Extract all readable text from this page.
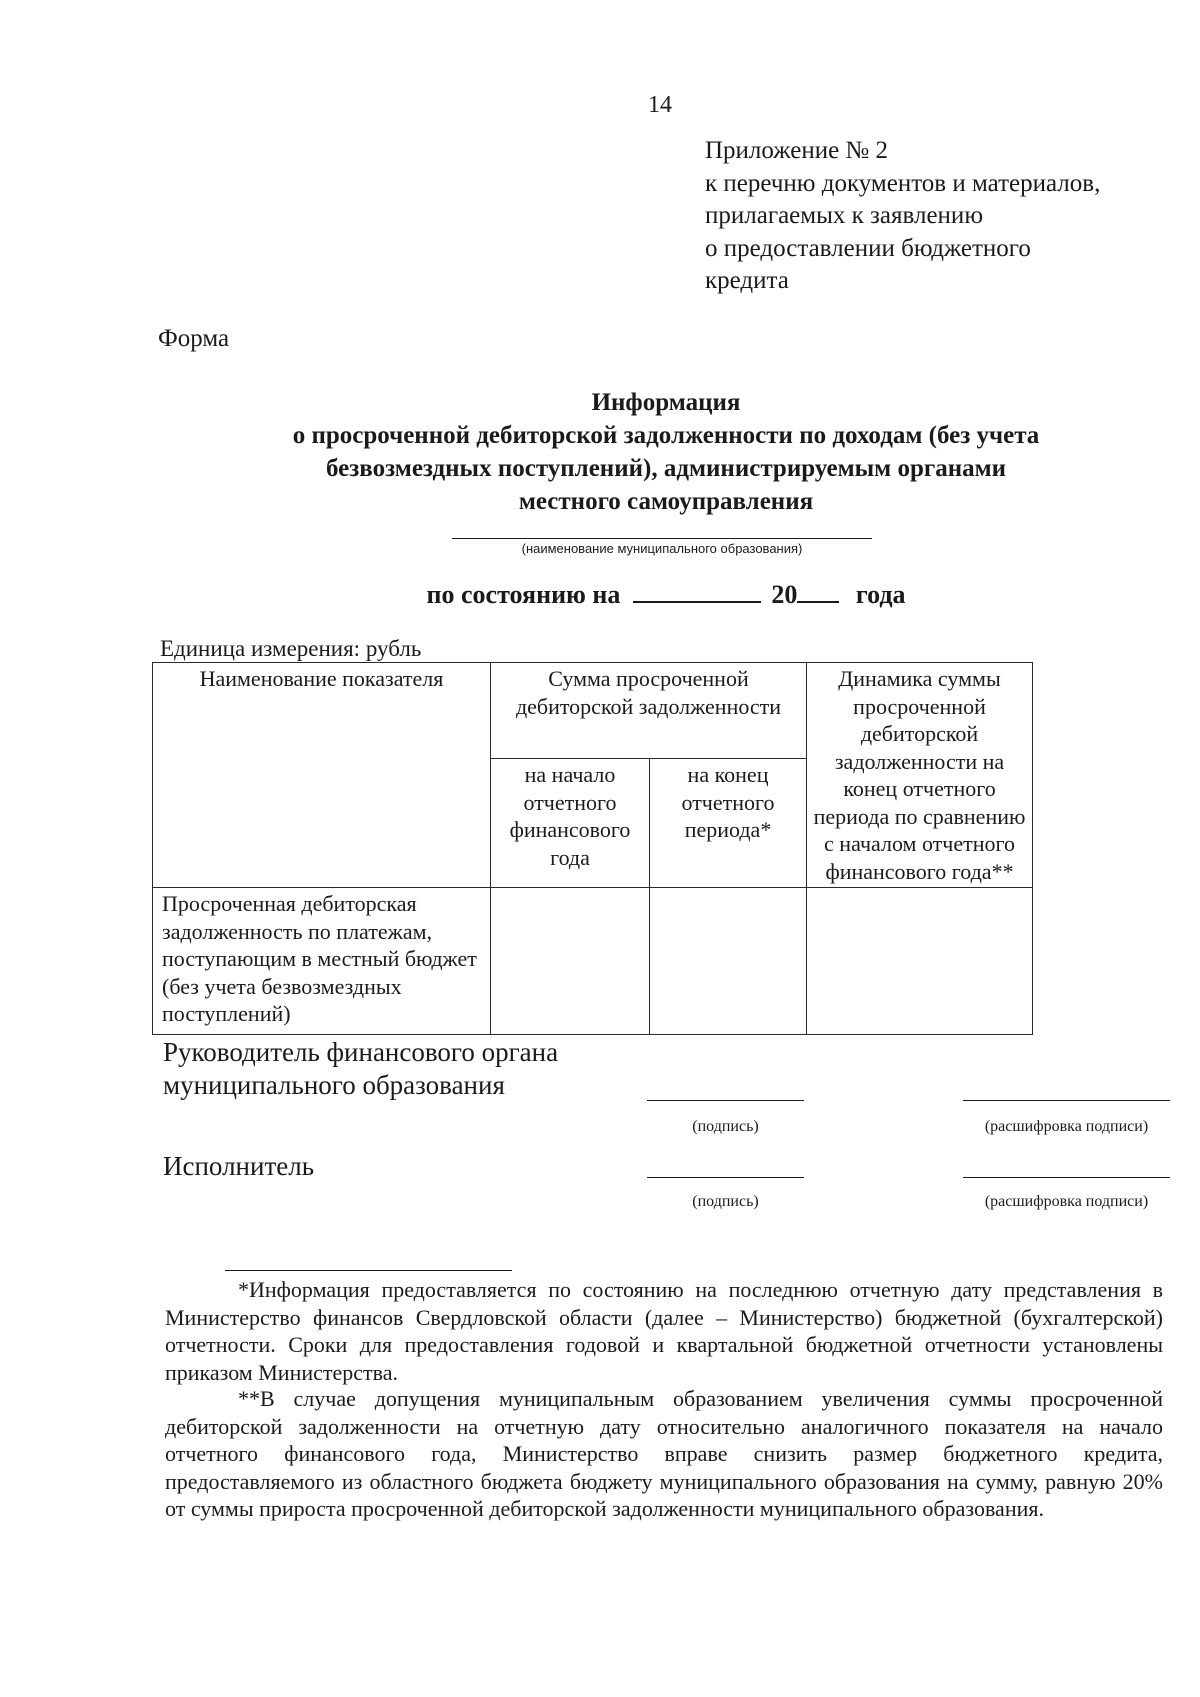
14
Приложение № 2
к перечню документов и материалов,
прилагаемых к заявлению
о предоставлении бюджетного
кредита
Форма
Информация
о просроченной дебиторской задолженности по доходам (без учета
безвозмездных поступлений), администрируемым органами
местного самоуправления
(наименование муниципального образования)
по состоянию на	20 года
Единица измерения: рубль
Наименование показателя	Сумма просроченной дебиторской задолженности		Динамика суммы просроченной дебиторской задолженности на конец отчетного периода по сравнению с началом отчетного финансового года**
	на начало отчетного финансового года	на конец отчетного периода*	
Просроченная дебиторская задолженность по платежам, поступающим в местный бюджет (без учета безвозмездных поступлений)			
Руководитель финансового органа
муниципального образования
(подпись)	(расшифровка подписи)
Исполнитель
(подпись)	(расшифровка подписи)
*Информация предоставляется по состоянию на последнюю отчетную дату представления в Министерство финансов Свердловской области (далее – Министерство) бюджетной (бухгалтерской) отчетности. Сроки для предоставления годовой и квартальной бюджетной отчетности установлены приказом Министерства.
**В случае допущения муниципальным образованием увеличения суммы просроченной дебиторской задолженности на отчетную дату относительно аналогичного показателя на начало отчетного финансового года, Министерство вправе снизить размер бюджетного кредита, предоставляемого из областного бюджета бюджету муниципального образования на сумму, равную 20% от суммы прироста просроченной дебиторской задолженности муниципального образования.
